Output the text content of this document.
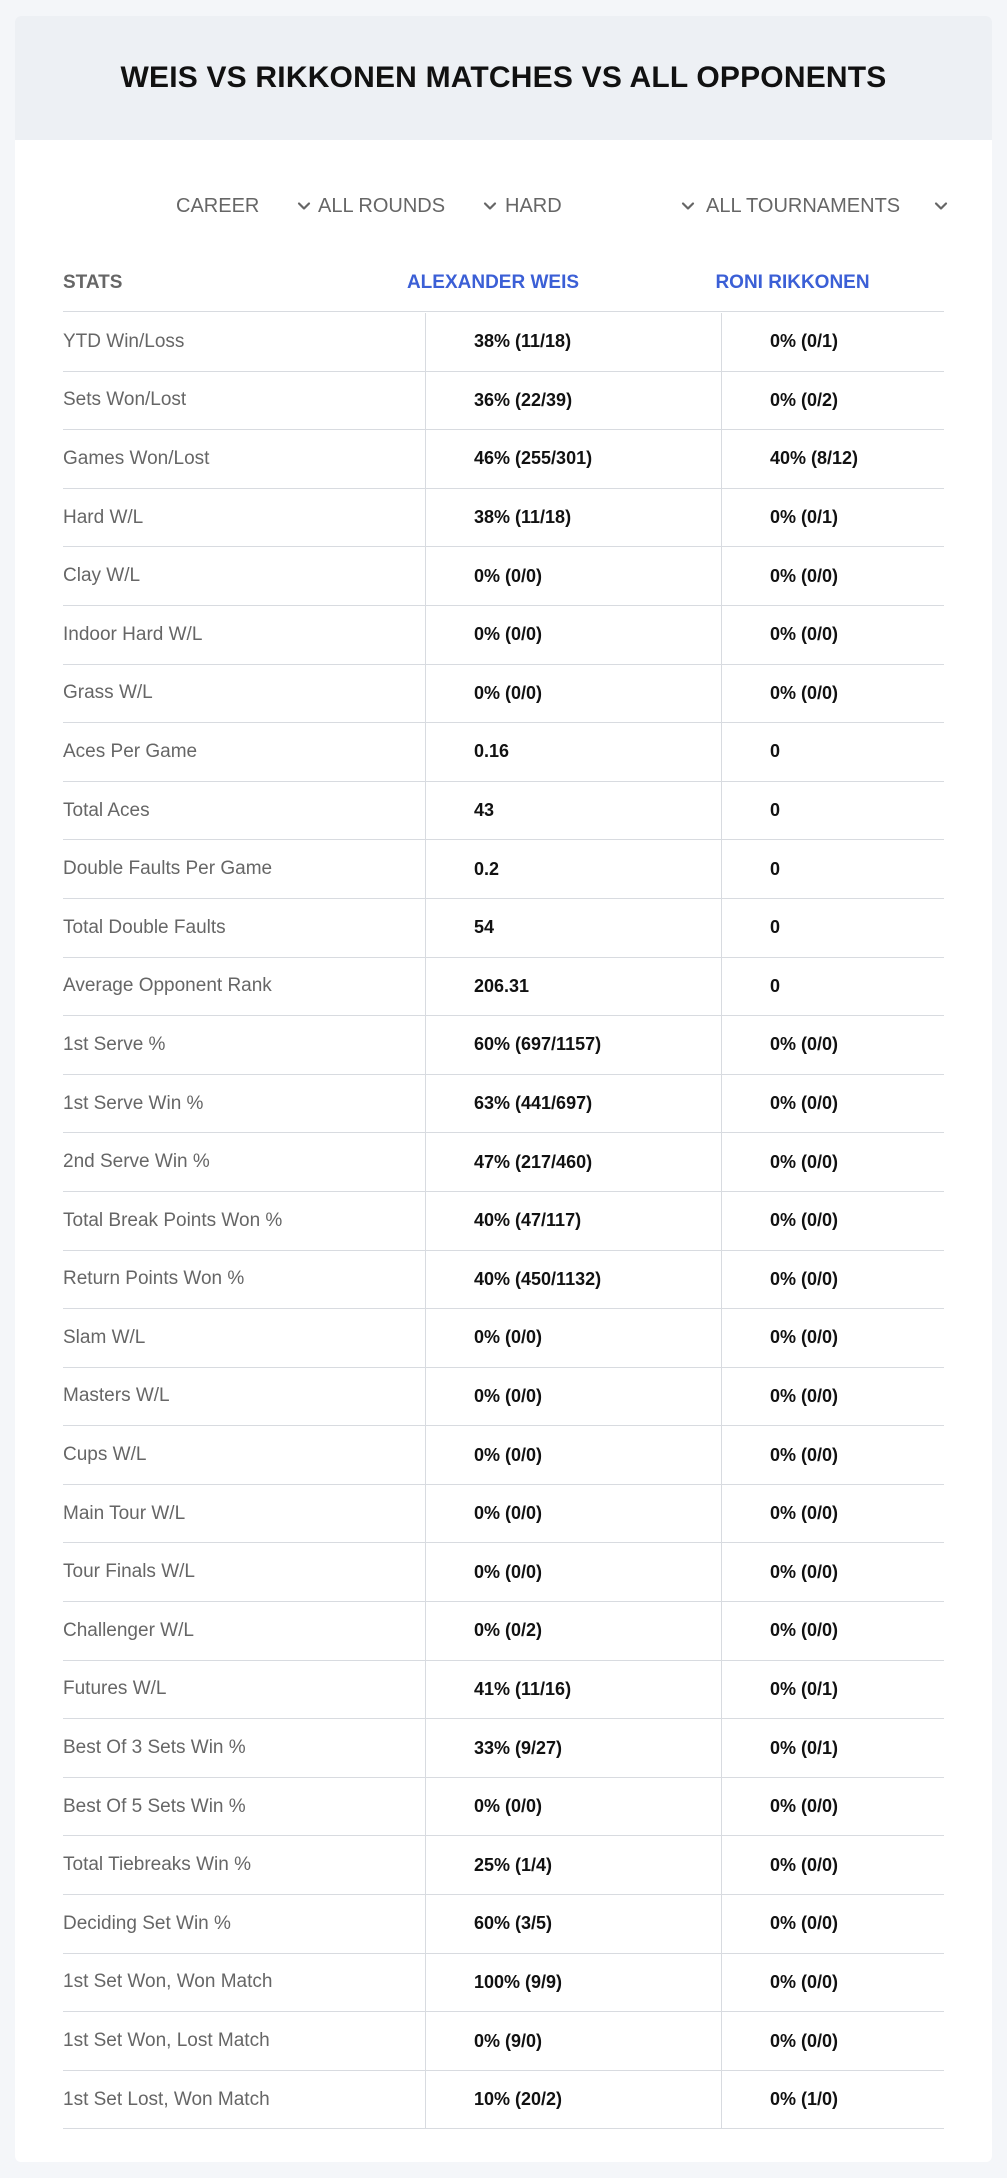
WEIS VS RIKKONEN MATCHES VS ALL OPPONENTS
CAREER	ALL ROUNDS	HARD	ALL TOURNAMENTS
STATS	ALEXANDER WEIS	RONI RIKKONEN
YTD Win/Loss	38% (11/18)	0% (0/1)
Sets Won/Lost	36% (22/39)	0% (0/2)
Games Won/Lost	46% (255/301)	40% (8/12)
Hard W/L	38% (11/18)	0% (0/1)
Clay W/L	0% (0/0)	0% (0/0)
Indoor Hard W/L	0% (0/0)	0% (0/0)
Grass W/L	0% (0/0)	0% (0/0)
Aces Per Game	0.16	0
Total Aces	43	0
Double Faults Per Game	0.2	0
Total Double Faults	54	0
Average Opponent Rank	206.31	0
1st Serve %	60% (697/1157)	0% (0/0)
1st Serve Win %	63% (441/697)	0% (0/0)
2nd Serve Win %	47% (217/460)	0% (0/0)
Total Break Points Won %	40% (47/117)	0% (0/0)
Return Points Won %	40% (450/1132)	0% (0/0)
Slam W/L	0% (0/0)	0% (0/0)
Masters W/L	0% (0/0)	0% (0/0)
Cups W/L	0% (0/0)	0% (0/0)
Main Tour W/L	0% (0/0)	0% (0/0)
Tour Finals W/L	0% (0/0)	0% (0/0)
Challenger W/L	0% (0/2)	0% (0/0)
Futures W/L	41% (11/16)	0% (0/1)
Best Of 3 Sets Win %	33% (9/27)	0% (0/1)
Best Of 5 Sets Win %	0% (0/0)	0% (0/0)
Total Tiebreaks Win %	25% (1/4)	0% (0/0)
Deciding Set Win %	60% (3/5)	0% (0/0)
1st Set Won, Won Match	100% (9/9)	0% (0/0)
1st Set Won, Lost Match	0% (9/0)	0% (0/0)
1st Set Lost, Won Match	10% (20/2)	0% (1/0)
